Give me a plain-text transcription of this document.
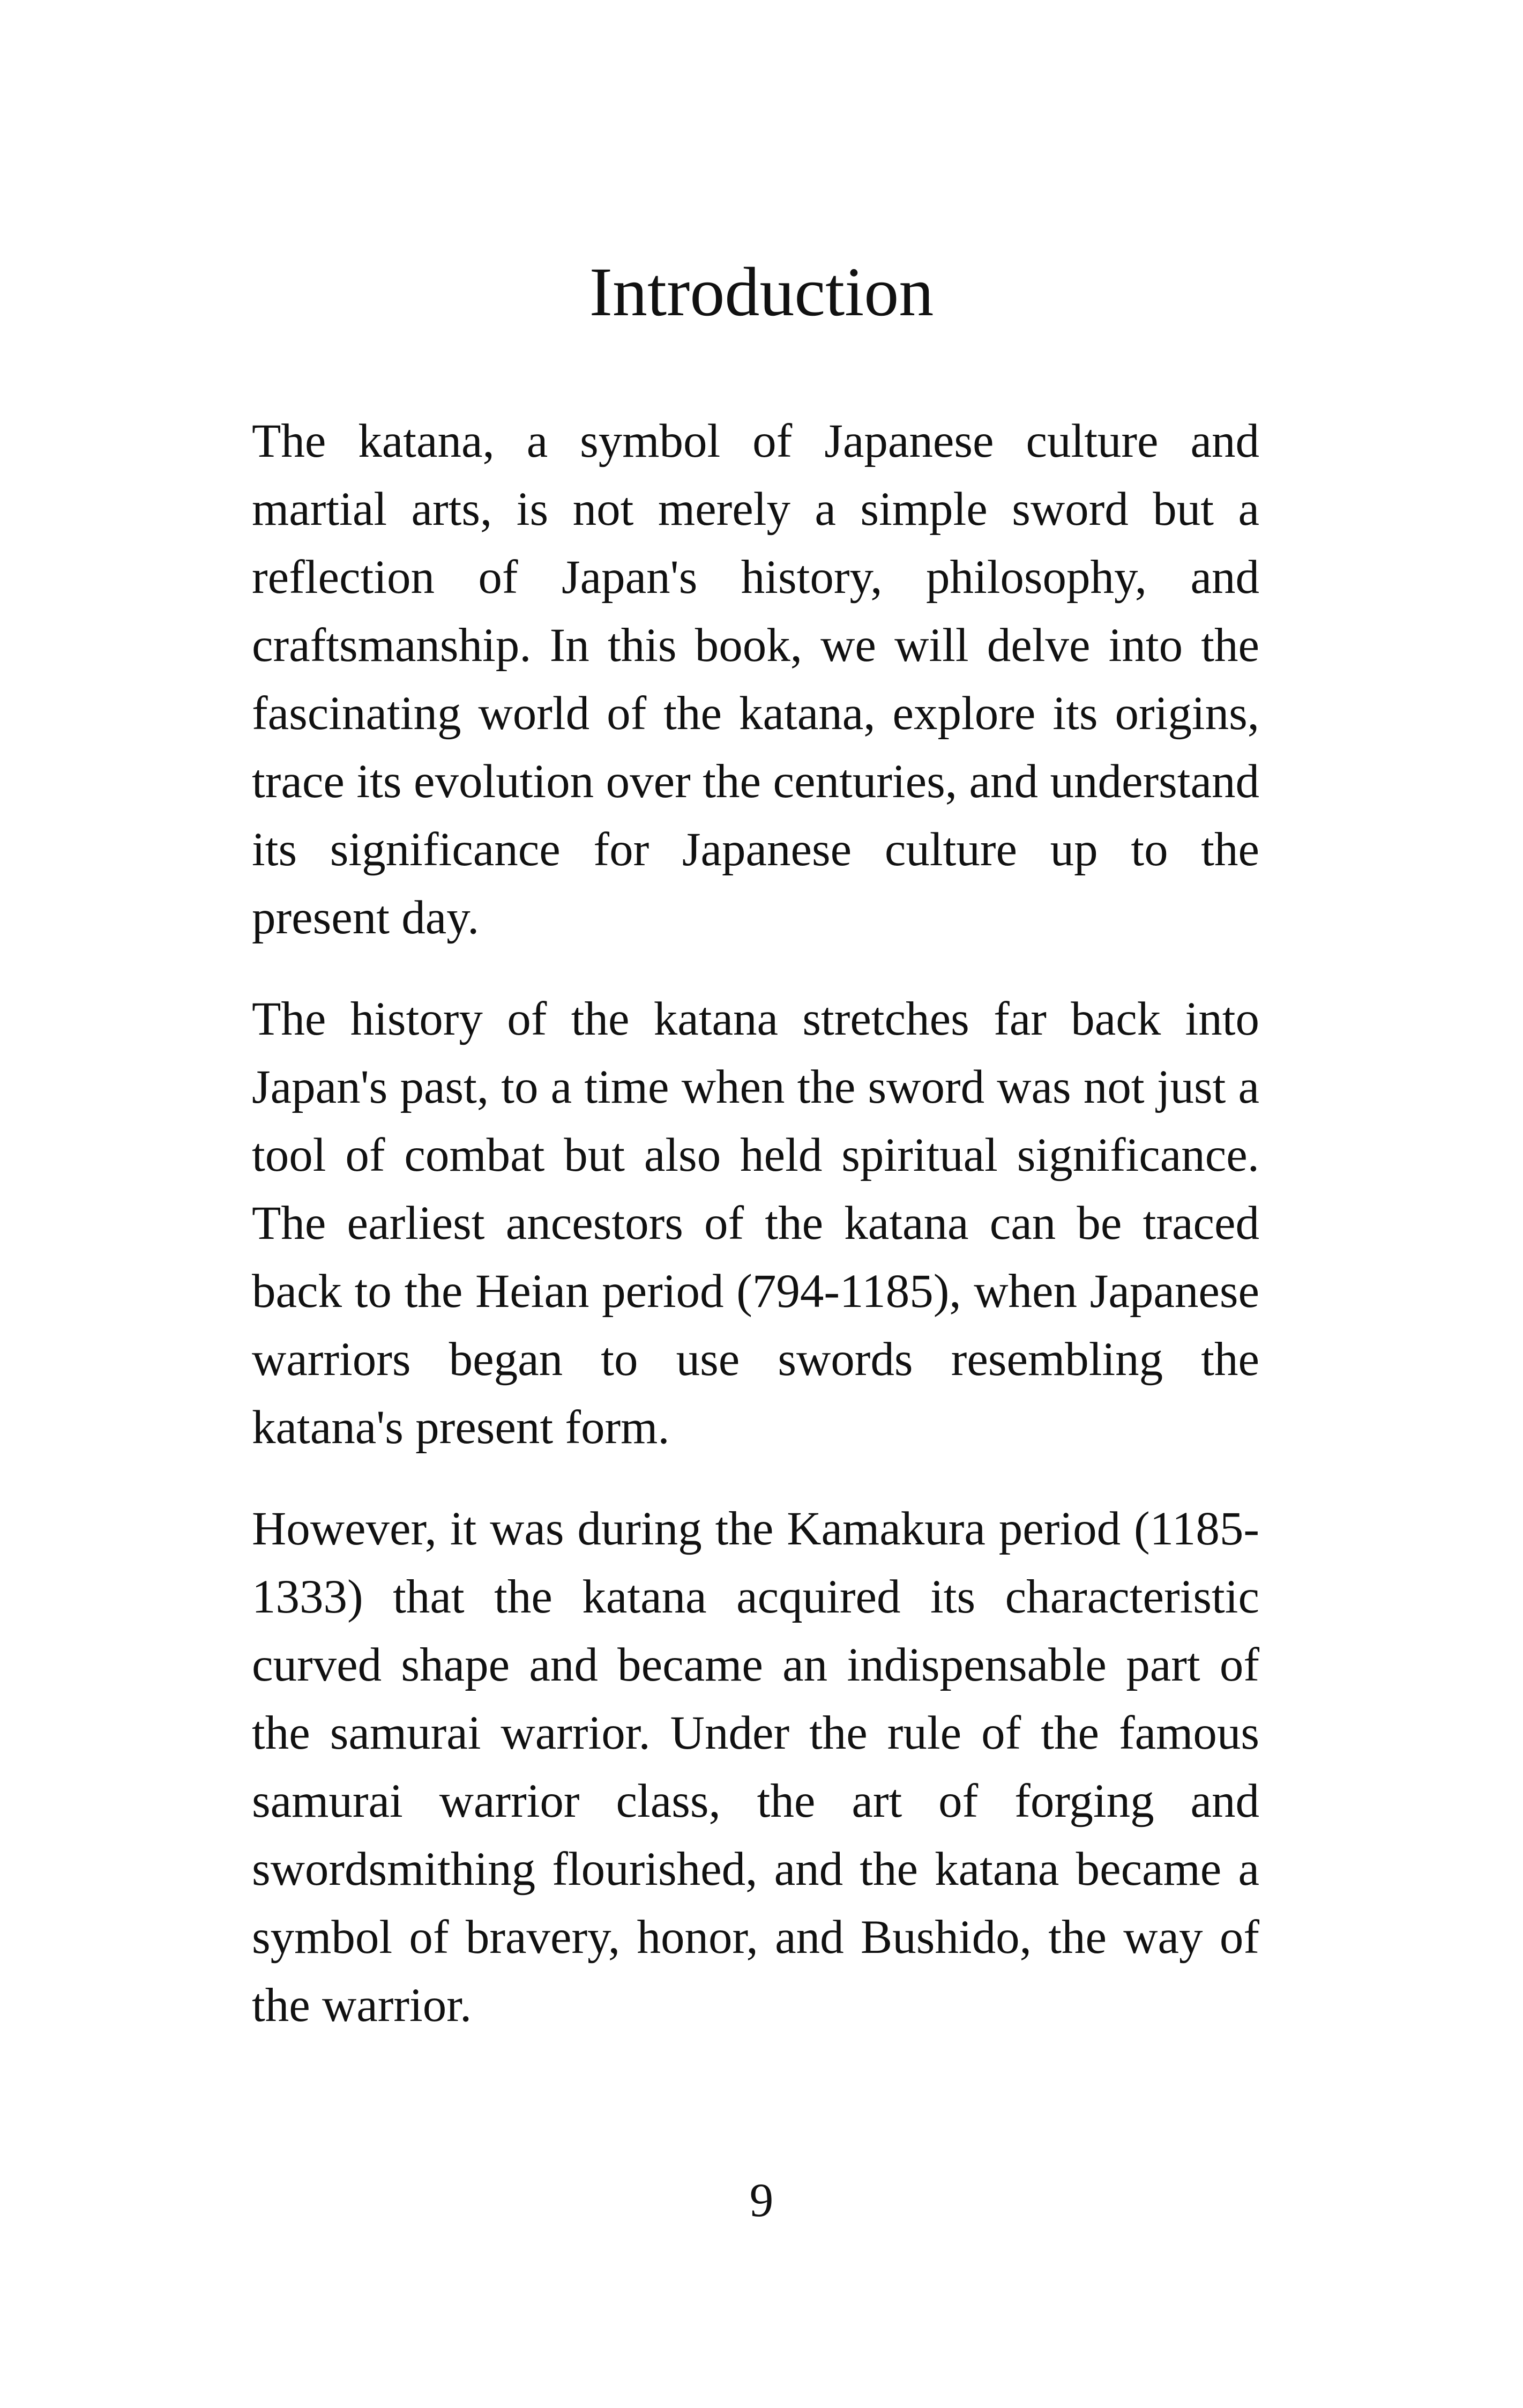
Introduction

The katana, a symbol of Japanese culture and martial arts, is not merely a simple sword but a reflection of Japan's history, philosophy, and craftsmanship. In this book, we will delve into the fascinating world of the katana, explore its origins, trace its evolution over the centuries, and understand its significance for Japanese culture up to the present day.

The history of the katana stretches far back into Japan's past, to a time when the sword was not just a tool of combat but also held spiritual significance. The earliest ancestors of the katana can be traced back to the Heian period (794-1185), when Japanese warriors began to use swords resembling the katana's present form.

However, it was during the Kamakura period (1185-1333) that the katana acquired its characteristic curved shape and became an indispensable part of the samurai warrior. Under the rule of the famous samurai warrior class, the art of forging and swordsmithing flourished, and the katana became a symbol of bravery, honor, and Bushido, the way of the warrior.

9
